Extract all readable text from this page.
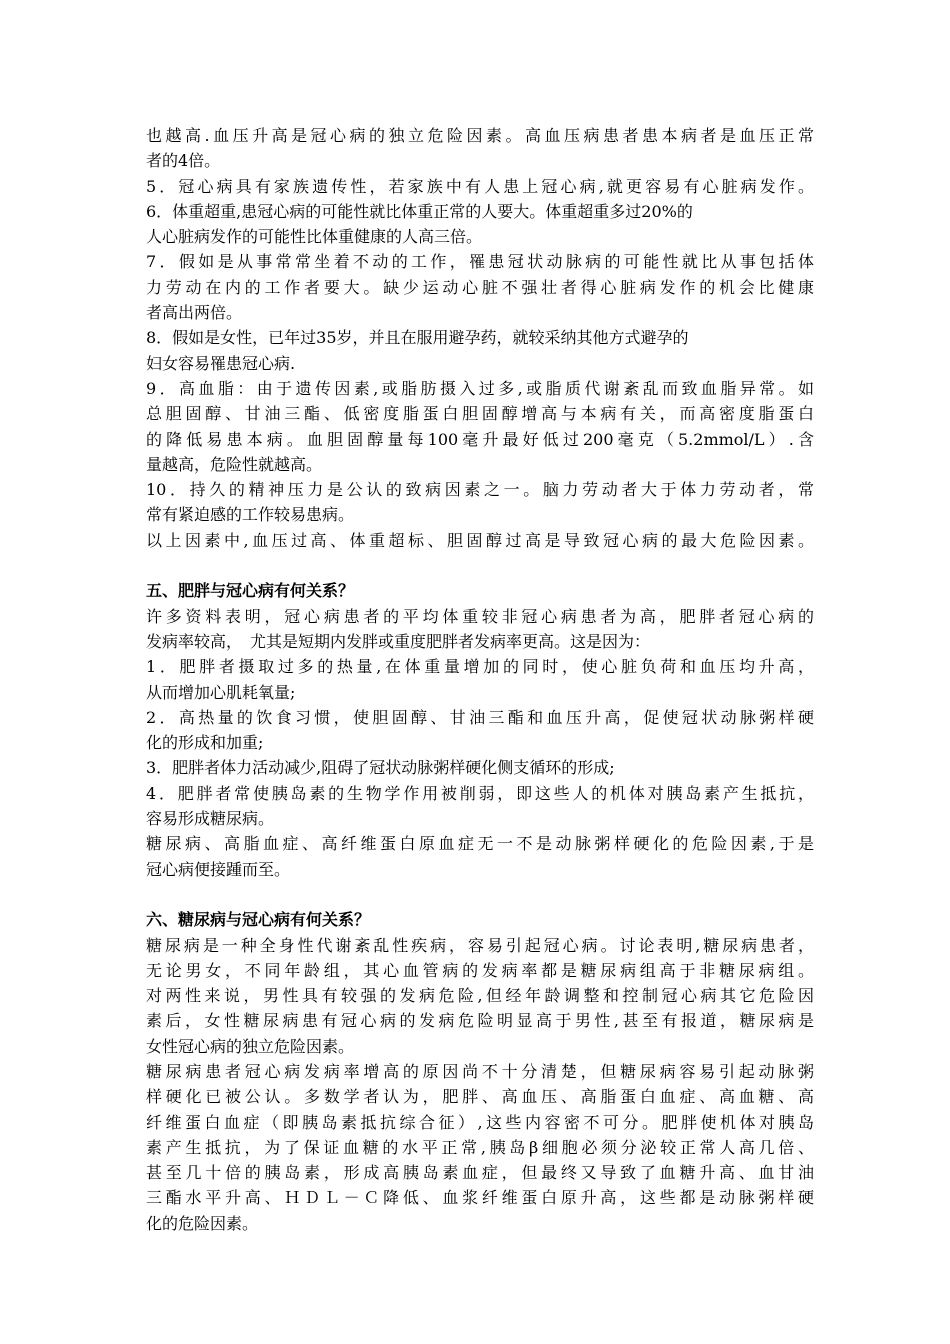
也越高.血压升高是冠心病的独立危险因素。高血压病患者患本病者是血压正常
者的4倍。
5．冠心病具有家族遗传性，若家族中有人患上冠心病,就更容易有心脏病发作。
6．体重超重,患冠心病的可能性就比体重正常的人要大。体重超重多过20%的
人心脏病发作的可能性比体重健康的人高三倍。
7．假如是从事常常坐着不动的工作，罹患冠状动脉病的可能性就比从事包括体
力劳动在内的工作者要大。缺少运动心脏不强壮者得心脏病发作的机会比健康
者高出两倍。
8．假如是女性，已年过35岁，并且在服用避孕药，就较采纳其他方式避孕的
妇女容易罹患冠心病.
9．高血脂：由于遗传因素,或脂肪摄入过多,或脂质代谢紊乱而致血脂异常。如
总胆固醇、甘油三酯、低密度脂蛋白胆固醇增高与本病有关，而高密度脂蛋白
的降低易患本病。血胆固醇量每100毫升最好低过200毫克（5.2mmol/L）.含
量越高，危险性就越高。
10．持久的精神压力是公认的致病因素之一。脑力劳动者大于体力劳动者，常
常有紧迫感的工作较易患病。
以上因素中,血压过高、体重超标、胆固醇过高是导致冠心病的最大危险因素。
五、肥胖与冠心病有何关系？
许多资料表明，冠心病患者的平均体重较非冠心病患者为高，肥胖者冠心病的
发病率较高，　尤其是短期内发胖或重度肥胖者发病率更高。这是因为：
1．肥胖者摄取过多的热量,在体重量增加的同时，使心脏负荷和血压均升高，
从而增加心肌耗氧量;
2．高热量的饮食习惯，使胆固醇、甘油三酯和血压升高，促使冠状动脉粥样硬
化的形成和加重;
3．肥胖者体力活动减少,阻碍了冠状动脉粥样硬化侧支循环的形成;
4．肥胖者常使胰岛素的生物学作用被削弱，即这些人的机体对胰岛素产生抵抗，
容易形成糖尿病。
糖尿病、高脂血症、高纤维蛋白原血症无一不是动脉粥样硬化的危险因素,于是
冠心病便接踵而至。
六、糖尿病与冠心病有何关系？
糖尿病是一种全身性代谢紊乱性疾病，容易引起冠心病。讨论表明,糖尿病患者，
无论男女，不同年龄组，其心血管病的发病率都是糖尿病组高于非糖尿病组。
对两性来说，男性具有较强的发病危险,但经年龄调整和控制冠心病其它危险因
素后，女性糖尿病患有冠心病的发病危险明显高于男性,甚至有报道，糖尿病是
女性冠心病的独立危险因素。
糖尿病患者冠心病发病率增高的原因尚不十分清楚，但糖尿病容易引起动脉粥
样硬化已被公认。多数学者认为，肥胖、高血压、高脂蛋白血症、高血糖、高
纤维蛋白血症（即胰岛素抵抗综合征）,这些内容密不可分。肥胖使机体对胰岛
素产生抵抗，为了保证血糖的水平正常,胰岛β细胞必须分泌较正常人高几倍、
甚至几十倍的胰岛素，形成高胰岛素血症，但最终又导致了血糖升高、血甘油
三酯水平升高、ＨＤＬ－Ｃ降低、血浆纤维蛋白原升高，这些都是动脉粥样硬
化的危险因素。
